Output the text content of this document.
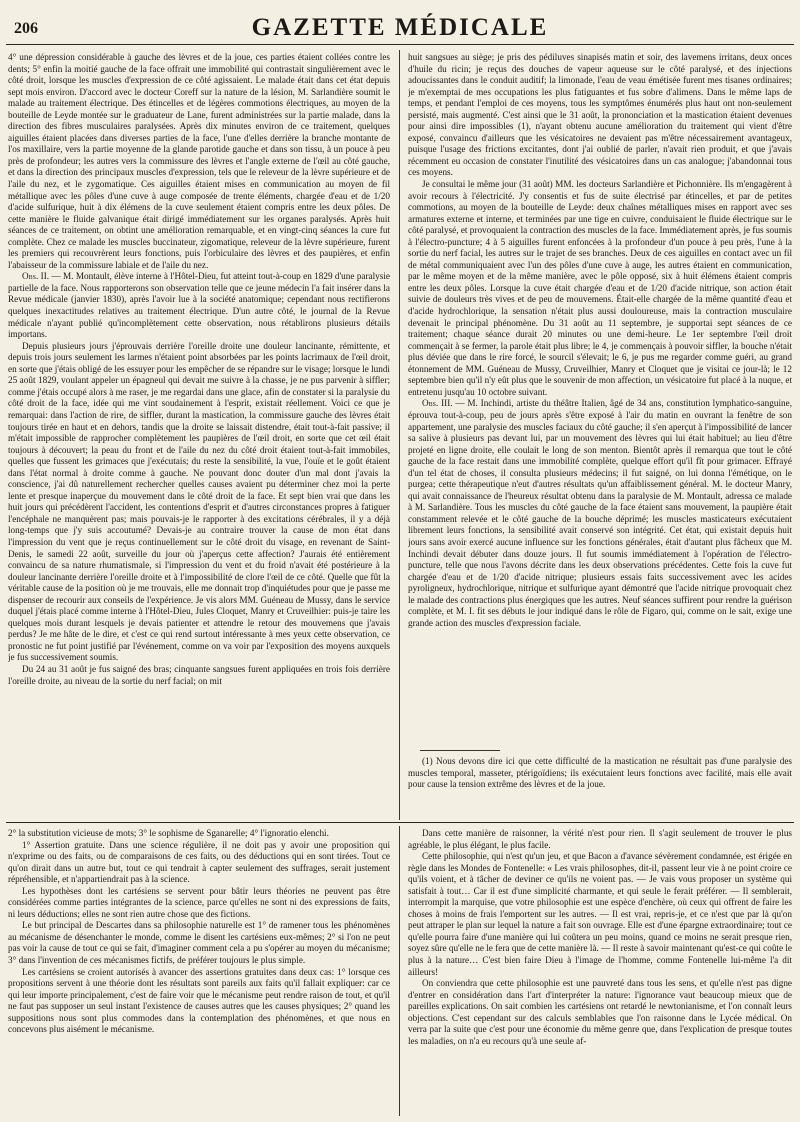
206	GAZETTE MÉDICALE

4° une dépression considérable à gauche des lèvres et de la joue, ces parties étaient collées contre les dents; 5° enfin la moitié gauche de la face offrait une immobilité qui contrastait singulièrement avec le côté droit, lorsque les muscles d'expression de ce côté agissaient. Le malade était dans cet état depuis sept mois environ. D'accord avec le docteur Coreff sur la nature de la lésion, M. Sarlandière soumit le malade au traitement électrique. Des étincelles et de légères commotions électriques, au moyen de la bouteille de Leyde montée sur le graduateur de Lane, furent administrées sur la partie malade, dans la direction des fibres musculaires paralysées. Après dix minutes environ de ce traitement, quelques aiguilles étaient placées dans diverses parties de la face, l'une d'elles derrière la branche montante de l'os maxillaire, vers la partie moyenne de la glande parotide gauche et dans son tissu, à un pouce à peu près de profondeur; les autres vers la commissure des lèvres et l'angle externe de l'œil au côté gauche, et dans la direction des principaux muscles d'expression, tels que le releveur de la lèvre supérieure et de l'aile du nez, et le zygomatique. Ces aiguilles étaient mises en communication au moyen de fil métallique avec les pôles d'une cuve à auge composée de trente éléments, chargée d'eau et de 1/20 d'acide sulfurique, huit à dix élémens de la cuve seulement étaient compris entre les deux pôles. De cette manière le fluide galvanique était dirigé immédiatement sur les organes paralysés. Après huit séances de ce traitement, on obtint une amélioration remarquable, et en vingt-cinq séances la cure fut complète. Chez ce malade les muscles buccinateur, zigomatique, releveur de la lèvre supérieure, furent les premiers qui recouvrèrent leurs fonctions, puis l'orbiculaire des lèvres et des paupières, et enfin l'abaisseur de la commissure labiale et de l'aile du nez.

Obs. II. — M. Montault, élève interne à l'Hôtel-Dieu, fut atteint tout-à-coup en 1829 d'une paralysie partielle de la face. Nous rapporterons son observation telle que ce jeune médecin l'a fait insérer dans la Revue médicale (janvier 1830), après l'avoir lue à la société anatomique; cependant nous rectifierons quelques inexactitudes relatives au traitement électrique. D'un autre côté, le journal de la Revue médicale n'ayant publié qu'incomplètement cette observation, nous rétablirons plusieurs détails importans.

Depuis plusieurs jours j'éprouvais derrière l'oreille droite une douleur lancinante, rémittente, et depuis trois jours seulement les larmes n'étaient point absorbées par les points lacrimaux de l'œil droit, en sorte que j'étais obligé de les essuyer pour les empêcher de se répandre sur le visage; lorsque le lundi 25 août 1829, voulant appeler un épagneul qui devait me suivre à la chasse, je ne pus parvenir à siffler; comme j'étais occupé alors à me raser, je me regardai dans une glace, afin de constater si la paralysie du côté droit de la face, idée qui me vint soudainement à l'esprit, existait réellement. Voici ce que je remarquai: dans l'action de rire, de siffler, durant la mastication, la commissure gauche des lèvres était toujours tirée en haut et en dehors, tandis que la droite se laissait distendre, était tout-à-fait passive; il m'était impossible de rapprocher complètement les paupières de l'œil droit, en sorte que cet œil était toujours à découvert; la peau du front et de l'aile du nez du côté droit étaient tout-à-fait immobiles, quelles que fussent les grimaces que j'exécutais; du reste la sensibilité, la vue, l'ouïe et le goût étaient dans l'état normal à droite comme à gauche. Ne pouvant donc douter d'un mal dont j'avais la conscience, j'ai dû naturellement rechercher quelles causes avaient pu déterminer chez moi la perte lente et presque inaperçue du mouvement dans le côté droit de la face. Et sept bien vrai que dans les huit jours qui précédèrent l'accident, les contentions d'esprit et d'autres circonstances propres à fatiguer l'encéphale ne manquèrent pas; mais pouvais-je le rapporter à des excitations cérébrales, il y a déjà long-temps que j'y suis accoutumé? Devais-je au contraire trouver la cause de mon état dans l'impression du vent que je reçus continuellement sur le côté droit du visage, en revenant de Saint-Denis, le samedi 22 août, surveille du jour où j'aperçus cette affection? J'aurais été entièrement convaincu de sa nature rhumatismale, si l'impression du vent et du froid n'avait été postérieure à la douleur lancinante derrière l'oreille droite et à l'impossibilité de clore l'œil de ce côté. Quelle que fût la véritable cause de la position où je me trouvais, elle me donnait trop d'inquiétudes pour que je passe me dispenser de recourir aux conseils de l'expérience. Je vis alors MM. Guéneau de Mussy, dans le service duquel j'étais placé comme interne à l'Hôtel-Dieu, Jules Cloquet, Manry et Cruveilhier: puis-je taire les quelques mois durant lesquels je devais patienter et attendre le retour des mouvemens que j'avais perdus? Je me hâte de le dire, et c'est ce qui rend surtout intéressante à mes yeux cette observation, ce pronostic ne fut point justifié par l'événement, comme on va voir par l'exposition des moyens auxquels je fus successivement soumis.

Du 24 au 31 août je fus saigné des bras; cinquante sangsues furent appliquées en trois fois derrière l'oreille droite, au niveau de la sortie du nerf facial; on mit

huit sangsues au siège; je pris des pédiluves sinapisés matin et soir, des lavemens irritans, deux onces d'huile du ricin; je reçus des douches de vapeur aqueuse sur le côté paralysé, et des injections adoucissantes dans le conduit auditif; la limonade, l'eau de veau émétisée furent mes tisanes ordinaires; je m'exemptai de mes occupations les plus fatiguantes et fus sobre d'alimens. Dans le même laps de temps, et pendant l'emploi de ces moyens, tous les symptômes énumérés plus haut ont non-seulement persisté, mais augmenté. C'est ainsi que le 31 août, la prononciation et la mastication étaient devenues pour ainsi dire impossibles (1), n'ayant obtenu aucune amélioration du traitement qui vient d'être exposé, convaincu d'ailleurs que les vésicatoires ne devaient pas m'être nécessairement avantageux, puisque l'usage des frictions excitantes, dont j'ai oublié de parler, n'avait rien produit, et que j'avais récemment eu occasion de constater l'inutilité des vésicatoires dans un cas analogue; j'abandonnai tous ces moyens.

Je consultai le même jour (31 août) MM. les docteurs Sarlandière et Pichonnière. Ils m'engagèrent à avoir recours à l'électricité. J'y consentis et fus de suite électrisé par étincelles, et par de petites commotions, au moyen de la bouteille de Leyde: deux chaînes métalliques mises en rapport avec ses armatures externe et interne, et terminées par une tige en cuivre, conduisaient le fluide électrique sur le côté paralysé, et provoquaient la contraction des muscles de la face. Immédiatement après, je fus soumis à l'électro-puncture; 4 à 5 aiguilles furent enfoncées à la profondeur d'un pouce à peu près, l'une à la sortie du nerf facial, les autres sur le trajet de ses branches. Deux de ces aiguilles en contact avec un fil de métal communiquaient avec l'un des pôles d'une cuve à auge, les autres étaient en communication, par le même moyen et de la même manière, avec le pôle opposé, six à huit élémens étaient compris entre les deux pôles. Lorsque la cuve était chargée d'eau et de 1/20 d'acide nitrique, son action était suivie de douleurs très vives et de peu de mouvemens. Était-elle chargée de la même quantité d'eau et d'acide hydrochlorique, la sensation n'était plus aussi douloureuse, mais la contraction musculaire devenait le principal phénomène. Du 31 août au 11 septembre, je supportai sept séances de ce traitement; chaque séance durait 20 minutes ou une demi-heure. Le 1er septembre l'œil droit commençait à se fermer, la parole était plus libre; le 4, je commençais à pouvoir siffler, la bouche n'était plus déviée que dans le rire forcé, le sourcil s'élevait; le 6, je pus me regarder comme guéri, au grand étonnement de MM. Guéneau de Mussy, Cruveilhier, Manry et Cloquet que je visitai ce jour-là; le 12 septembre bien qu'il n'y eût plus que le souvenir de mon affection, un vésicatoire fut placé à la nuque, et entretenu jusqu'au 10 octobre suivant.

Obs. III. — M. Inchindi, artiste du théâtre Italien, âgé de 34 ans, constitution lymphatico-sanguine, éprouva tout-à-coup, peu de jours après s'être exposé à l'air du matin en ouvrant la fenêtre de son appartement, une paralysie des muscles faciaux du côté gauche; il s'en aperçut à l'impossibilité de lancer sa salive à plusieurs pas devant lui, par un mouvement des lèvres qui lui était habituel; au lieu d'être projeté en ligne droite, elle coulait le long de son menton. Bientôt après il remarqua que tout le côté gauche de la face restait dans une immobilité complète, quelque effort qu'il fît pour grimacer. Effrayé d'un tel état de choses, il consulta plusieurs médecins; il fut saigné, on lui donna l'émétique, on le purgea; cette thérapeutique n'eut d'autres résultats qu'un affaiblissement général. M. le docteur Manry, qui avait connaissance de l'heureux résultat obtenu dans la paralysie de M. Montault, adressa ce malade à M. Sarlandière. Tous les muscles du côté gauche de la face étaient sans mouvement, la paupière était constamment relevée et le côté gauche de la bouche déprimé; les muscles masticateurs exécutaient librement leurs fonctions, la sensibilité avait conservé son intégrité. Cet état, qui existait depuis huit jours sans avoir exercé aucune influence sur les fonctions générales, était d'autant plus fâcheux que M. Inchindi devait débuter dans douze jours. Il fut soumis immédiatement à l'opération de l'électro-puncture, telle que nous l'avons décrite dans les deux observations précédentes. Cette fois la cuve fut chargée d'eau et de 1/20 d'acide nitrique; plusieurs essais faits successivement avec les acides pyroligneux, hydrochlorique, nitrique et sulfurique ayant démontré que l'acide nitrique provoquait chez le malade des contractions plus énergiques que les autres. Neuf séances suffirent pour rendre la guérison complète, et M. I. fit ses débuts le jour indiqué dans le rôle de Figaro, qui, comme on le sait, exige une grande action des muscles d'expression faciale.

(1) Nous devons dire ici que cette difficulté de la mastication ne résultait pas d'une paralysie des muscles temporal, masseter, ptérigoïdiens; ils exécutaient leurs fonctions avec facilité, mais elle avait pour cause la tension extrême des lèvres et de la joue.

2° la substitution vicieuse de mots; 3° le sophisme de Sganarelle; 4° l'ignoratio elenchi.

1° Assertion gratuite. Dans une science régulière, il ne doit pas y avoir une proposition qui n'exprime ou des faits, ou de comparaisons de ces faits, ou des déductions qui en sont tirées. Tout ce qu'on dirait dans un autre but, tout ce qui tendrait à capter seulement des suffrages, serait justement répréhensible, et n'appartiendrait pas à la science.

Les hypothèses dont les cartésiens se servent pour bâtir leurs théories ne peuvent pas être considérées comme parties intégrantes de la science, parce qu'elles ne sont ni des expressions de faits, ni leurs déductions; elles ne sont rien autre chose que des fictions.

Le but principal de Descartes dans sa philosophie naturelle est 1° de ramener tous les phénomènes au mécanisme de désenchanter le monde, comme le disent les cartésiens eux-mêmes; 2° si l'on ne peut pas voir la cause de tout ce qui se fait, d'imaginer comment cela a pu s'opérer au moyen du mécanisme; 3° dans l'invention de ces mécanismes fictifs, de préférer toujours le plus simple.

Les cartésiens se croient autorisés à avancer des assertions gratuites dans deux cas: 1° lorsque ces propositions servent à une théorie dont les résultats sont pareils aux faits qu'il fallait expliquer: car ce qui leur importe principalement, c'est de faire voir que le mécanisme peut rendre raison de tout, et qu'il ne faut pas supposer un seul instant l'existence de causes autres que les causes physiques; 2° quand les suppositions nous sont plus commodes dans la contemplation des phénomènes, et que nous en concevons plus aisément le mécanisme.

Dans cette manière de raisonner, la vérité n'est pour rien. Il s'agit seulement de trouver le plus agréable, le plus élégant, le plus facile.

Cette philosophie, qui n'est qu'un jeu, et que Bacon a d'avance sévèrement condamnée, est érigée en règle dans les Mondes de Fontenelle: « Les vrais philosophes, dit-il, passent leur vie à ne point croire ce qu'ils voient, et à tâcher de deviner ce qu'ils ne voient pas. — Je vais vous proposer un système qui satisfait à tout… Car il est d'une simplicité charmante, et qui seule le ferait préférer. — Il semblerait, interrompit la marquise, que votre philosophie est une espèce d'enchère, où ceux qui offrent de faire les choses à moins de frais l'emportent sur les autres. — Il est vrai, repris-je, et ce n'est que par là qu'on peut attraper le plan sur lequel la nature a fait son ouvrage. Elle est d'une épargne extraordinaire; tout ce qu'elle pourra faire d'une manière qui lui coûtera un peu moins, quand ce moins ne serait presque rien, soyez sûre qu'elle ne le fera que de cette manière là. — Il reste à savoir maintenant qu'est-ce qui coûte le plus à la nature… C'est bien faire Dieu à l'image de l'homme, comme Fontenelle lui-même l'a dit ailleurs!

On conviendra que cette philosophie est une pauvreté dans tous les sens, et qu'elle n'est pas digne d'entrer en considération dans l'art d'interpréter la nature: l'ignorance vaut beaucoup mieux que de pareilles explications. On sait combien les cartésiens ont retardé le newtonianisme, et l'on connaît leurs objections. C'est cependant sur des calculs semblables que l'on raisonne dans le Lycée médical. On verra par la suite que c'est pour une économie du même genre que, dans l'explication de presque toutes les maladies, on n'a eu recours qu'à une seule af-
